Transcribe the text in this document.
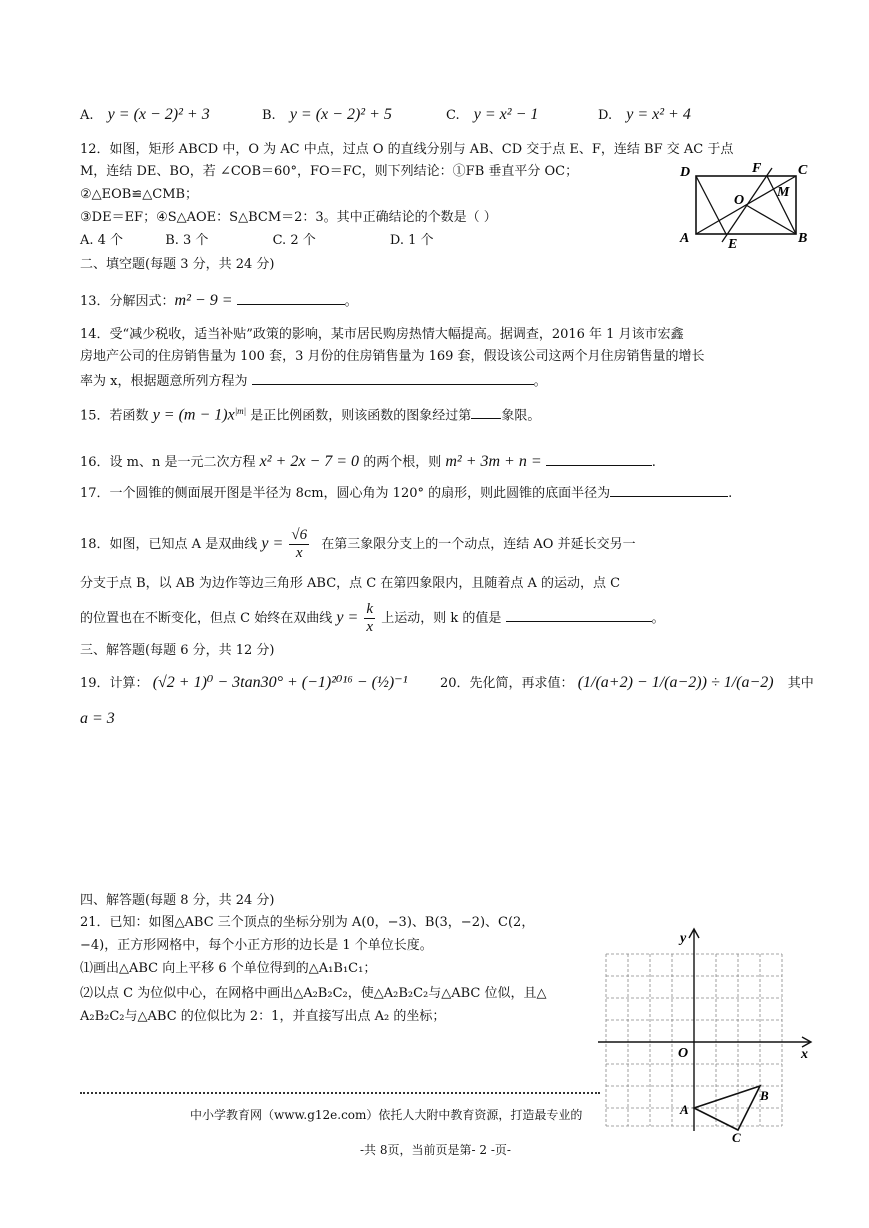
A. y = (x − 2)² + 3	B. y = (x − 2)² + 5	C. y = x² − 1	D. y = x² + 4
12．如图，矩形 ABCD 中，O 为 AC 中点，过点 O 的直线分别与 AB、CD 交于点 E、F，连结 BF 交 AC 于点
M，连结 DE、BO，若 ∠COB＝60°，FO＝FC，则下列结论：①FB 垂直平分 OC；
②△EOB≌△CMB；
③DE＝EF；④S△AOE：S△BCM＝2：3。其中正确结论的个数是（ ）
A. 4 个	B. 3 个	C. 2 个	D. 1 个
D	F	C
O
M
A	E	B
二、填空题(每题 3 分，共 24 分)
13．分解因式：m² − 9 =	。
14．受“减少税收，适当补贴”政策的影响，某市居民购房热情大幅提高。据调查，2016 年 1 月该市宏鑫
房地产公司的住房销售量为 100 套，3 月份的住房销售量为 169 套，假设该公司这两个月住房销售量的增长
率为 x，根据题意所列方程为	。
15．若函数 $y = (m - 1)x^{|m|}$ 是正比例函数，则该函数的图象经过第 象限。
16．设 m、n 是一元二次方程 x² + 2x − 7 = 0 的两个根，则 m² + 3m + n =	.
17．一个圆锥的侧面展开图是半径为 8cm，圆心角为 120° 的扇形，则此圆锥的底面半径为	.
18．如图，已知点 A 是双曲线 $y = \frac{√6}{x}$ 在第三象限分支上的一个动点，连结 AO 并延长交另一
分支于点 B，以 AB 为边作等边三角形 ABC，点 C 在第四象限内，且随着点 A 的运动，点 C
的位置也在不断变化，但点 C 始终在双曲线 $y = \frac{k}{x}$ 上运动，则 k 的值是	。
三、解答题(每题 6 分，共 12 分)
19．计算： (√2 + 1)⁰ − 3tan30° + (−1)²⁰¹⁶ − (½)⁻¹	20．先化简，再求值： (1/(a+2) − 1/(a−2)) ÷ 1/(a−2) 其中
a = 3
四、解答题(每题 8 分，共 24 分)
21．已知：如图△ABC 三个顶点的坐标分别为 A(0，−3)、B(3，−2)、C(2，
−4)，正方形网格中，每个小正方形的边长是 1 个单位长度。
⑴画出△ABC 向上平移 6 个单位得到的△A₁B₁C₁；
⑵以点 C 为位似中心，在网格中画出△A₂B₂C₂，使△A₂B₂C₂与△ABC 位似，且△
A₂B₂C₂与△ABC 的位似比为 2：1，并直接写出点 A₂ 的坐标；
y
x
O
A
B
C
中小学教育网（www.g12e.com）依托人大附中教育资源，打造最专业的
-共 8页，当前页是第- 2 -页-
